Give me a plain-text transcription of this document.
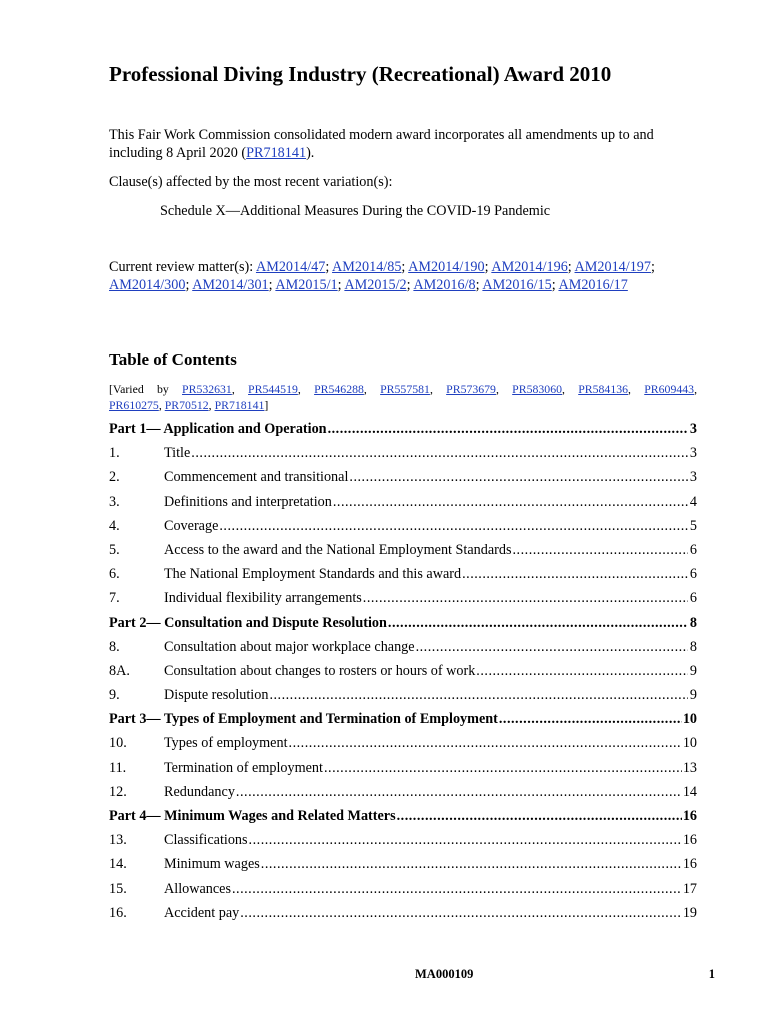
Professional Diving Industry (Recreational) Award 2010

This Fair Work Commission consolidated modern award incorporates all amendments up to and including 8 April 2020 (PR718141).

Clause(s) affected by the most recent variation(s):

Schedule X—Additional Measures During the COVID-19 Pandemic

Current review matter(s): AM2014/47; AM2014/85; AM2014/190; AM2014/196; AM2014/197; AM2014/300; AM2014/301; AM2015/1; AM2015/2; AM2016/8; AM2016/15; AM2016/17

Table of Contents
[Varied by PR532631, PR544519, PR546288, PR557581, PR573679, PR583060, PR584136, PR609443,
PR610275, PR70512, PR718141]
Part 1— Application and Operation .....	3
1.	Title .....	3
2.	Commencement and transitional .....	3
3.	Definitions and interpretation .....	4
4.	Coverage .....	5
5.	Access to the award and the National Employment Standards .....	6
6.	The National Employment Standards and this award .....	6
7.	Individual flexibility arrangements .....	6
Part 2— Consultation and Dispute Resolution .....	8
8.	Consultation about major workplace change .....	8
8A.	Consultation about changes to rosters or hours of work .....	9
9.	Dispute resolution .....	9
Part 3— Types of Employment and Termination of Employment .....	10
10.	Types of employment .....	10
11.	Termination of employment .....	13
12.	Redundancy .....	14
Part 4— Minimum Wages and Related Matters .....	16
13.	Classifications .....	16
14.	Minimum wages .....	16
15.	Allowances .....	17
16.	Accident pay .....	19
MA000109	1
